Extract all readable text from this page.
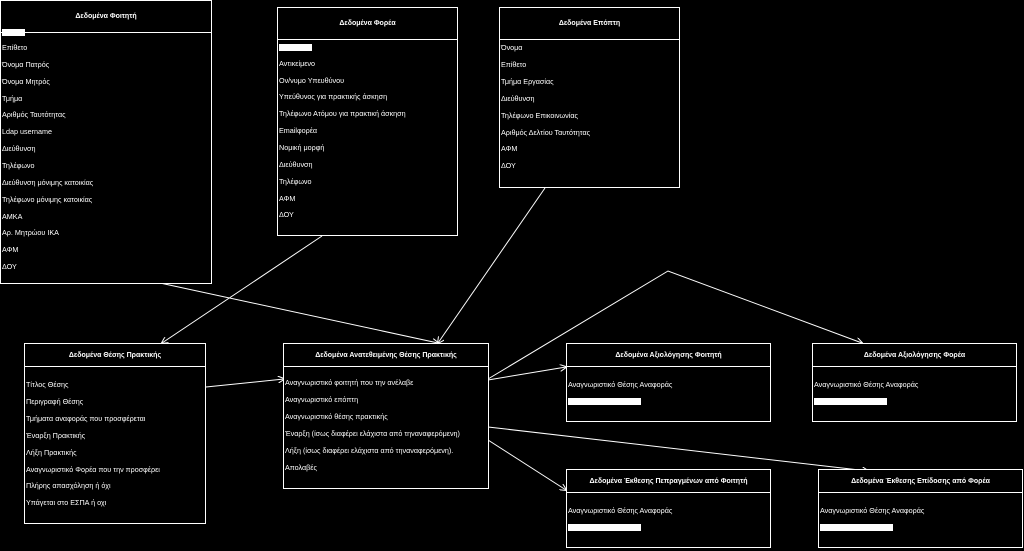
Δεδομένα Φοιτητή
Επίθετο
Όνομα Πατρός
Όνομα Μητρός
Τμήμα
Αριθμός Ταυτότητας
Ldap username
Διεύθυνση
Τηλέφωνο
Διεύθυνση μόνιμης κατοικίας
Τηλέφωνο μόνιμης κατοικίας
ΑΜΚΑ
Αρ. Μητρώου ΙΚΑ
ΑΦΜ
ΔΟΥ
Δεδομένα Φορέα
Αντικείμενο
Ον/νυμο Υπευθύνου
Υπεύθυνος για πρακτικής άσκηση
Τηλέφωνο Ατόμου για πρακτική άσκηση
Emailφορέα
Νομική μορφή
Διεύθυνση
Τηλέφωνο
ΑΦΜ
ΔΟΥ
Δεδομένα Επόπτη
Όνομα
Επίθετο
Τμήμα Εργασίας
Διεύθυνση
Τηλέφωνο Επικοινωνίας
Αριθμός Δελτίου Ταυτότητας
ΑΦΜ
ΔΟΥ
Δεδομένα Θέσης Πρακτικής
Τίτλος Θέσης
Περιγραφή Θέσης
Τμήματα αναφοράς που προσφέρεται
Έναρξη Πρακτικής
Λήξη Πρακτικής
Αναγνωριστικό Φορέα που την προσφέρει
Πλήρης απασχόληση ή όχι
Υπάγεται στο ΕΣΠΑ ή οχι
Δεδομένα Ανατεθειμένης Θέσης Πρακτικής
Αναγνωριστικό φοιτητή που την ανέλαβε
Αναγνωριστικό επόπτη
Αναγνωριστικό θέσης πρακτικής
Έναρξη (ίσως διαφέρει ελάχιστα από τηναναφερόμενη)
Λήξη (ίσως διαφέρει ελάχιστα από τηναναφερόμενη).
Απολαβές
Δεδομένα Αξιολόγησης Φοιτητή
Αναγνωριστικό Θέσης Αναφοράς
Δεδομένα Αξιολόγησης Φορέα
Αναγνωριστικό Θέσης Αναφοράς
Δεδομένα Έκθεσης Πεπραγμένων από Φοιτητή
Αναγνωριστικό Θέσης Αναφοράς
Δεδομένα Έκθεσης Επίδοσης από Φορέα
Αναγνωριστικό Θέσης Αναφοράς
